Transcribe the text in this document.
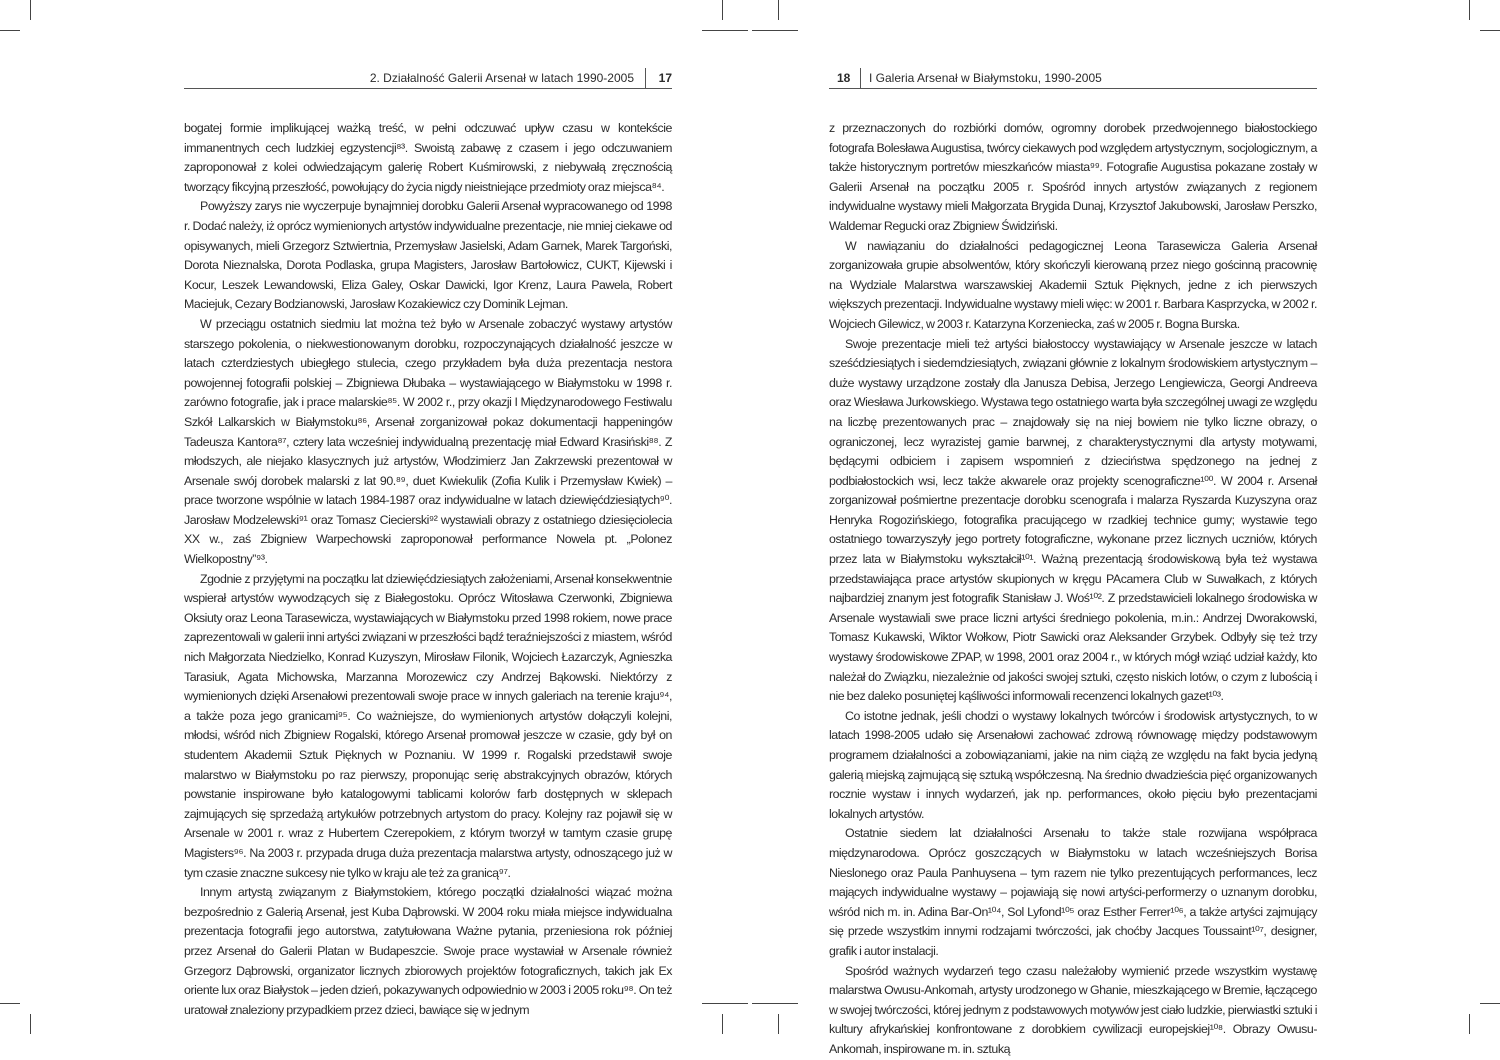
2. Działalność Galerii Arsenał w latach 1990-2005 17

bogatej formie implikującej ważką treść, w pełni odczuwać upływ czasu w kontekście immanentnych cech ludzkiej egzystencji⁸³. Swoistą zabawę z czasem i jego odczuwaniem zaproponował z kolei odwiedzającym galerię Robert Kuśmirowski, z niebywałą zręcznością tworzący fikcyjną przeszłość, powołujący do życia nigdy nieistniejące przedmioty oraz miejsca⁸⁴.

Powyższy zarys nie wyczerpuje bynajmniej dorobku Galerii Arsenał wypracowanego od 1998 r. Dodać należy, iż oprócz wymienionych artystów indywidualne prezentacje, nie mniej ciekawe od opisywanych, mieli Grzegorz Sztwiertnia, Przemysław Jasielski, Adam Garnek, Marek Targoński, Dorota Nieznalska, Dorota Podlaska, grupa Magisters, Jarosław Bartołowicz, CUKT, Kijewski i Kocur, Leszek Lewandowski, Eliza Galey, Oskar Dawicki, Igor Krenz, Laura Pawela, Robert Maciejuk, Cezary Bodzianowski, Jarosław Kozakiewicz czy Dominik Lejman.

W przeciągu ostatnich siedmiu lat można też było w Arsenale zobaczyć wystawy artystów starszego pokolenia, o niekwestionowanym dorobku, rozpoczynających działalność jeszcze w latach czterdziestych ubiegłego stulecia, czego przykładem była duża prezentacja nestora powojennej fotografii polskiej – Zbigniewa Dłubaka – wystawiającego w Białymstoku w 1998 r. zarówno fotografie, jak i prace malarskie⁸⁵. W 2002 r., przy okazji I Międzynarodowego Festiwalu Szkół Lalkarskich w Białymstoku⁸⁶, Arsenał zorganizował pokaz dokumentacji happeningów Tadeusza Kantora⁸⁷, cztery lata wcześniej indywidualną prezentację miał Edward Krasiński⁸⁸. Z młodszych, ale niejako klasycznych już artystów, Włodzimierz Jan Zakrzewski prezentował w Arsenale swój dorobek malarski z lat 90.⁸⁹, duet Kwiekulik (Zofia Kulik i Przemysław Kwiek) – prace tworzone wspólnie w latach 1984-1987 oraz indywidualne w latach dziewięćdziesiątych⁹⁰. Jarosław Modzelewski⁹¹ oraz Tomasz Ciecierski⁹² wystawiali obrazy z ostatniego dziesięciolecia XX w., zaś Zbigniew Warpechowski zaproponował performance Nowela pt. „Polonez Wielkopostny”⁹³.

Zgodnie z przyjętymi na początku lat dziewięćdziesiątych założeniami, Arsenał konsekwentnie wspierał artystów wywodzących się z Białegostoku. Oprócz Witosława Czerwonki, Zbigniewa Oksiuty oraz Leona Tarasewicza, wystawiających w Białymstoku przed 1998 rokiem, nowe prace zaprezentowali w galerii inni artyści związani w przeszłości bądź teraźniejszości z miastem, wśród nich Małgorzata Niedzielko, Konrad Kuzyszyn, Mirosław Filonik, Wojciech Łazarczyk, Agnieszka Tarasiuk, Agata Michowska, Marzanna Morozewicz czy Andrzej Bąkowski. Niektórzy z wymienionych dzięki Arsenałowi prezentowali swoje prace w innych galeriach na terenie kraju⁹⁴, a także poza jego granicami⁹⁵. Co ważniejsze, do wymienionych artystów dołączyli kolejni, młodsi, wśród nich Zbigniew Rogalski, którego Arsenał promował jeszcze w czasie, gdy był on studentem Akademii Sztuk Pięknych w Poznaniu. W 1999 r. Rogalski przedstawił swoje malarstwo w Białymstoku po raz pierwszy, proponując serię abstrakcyjnych obrazów, których powstanie inspirowane było katalogowymi tablicami kolorów farb dostępnych w sklepach zajmujących się sprzedażą artykułów potrzebnych artystom do pracy. Kolejny raz pojawił się w Arsenale w 2001 r. wraz z Hubertem Czerepokiem, z którym tworzył w tamtym czasie grupę Magisters⁹⁶. Na 2003 r. przypada druga duża prezentacja malarstwa artysty, odnoszącego już w tym czasie znaczne sukcesy nie tylko w kraju ale też za granicą⁹⁷.

Innym artystą związanym z Białymstokiem, którego początki działalności wiązać można bezpośrednio z Galerią Arsenał, jest Kuba Dąbrowski. W 2004 roku miała miejsce indywidualna prezentacja fotografii jego autorstwa, zatytułowana Ważne pytania, przeniesiona rok później przez Arsenał do Galerii Platan w Budapeszcie. Swoje prace wystawiał w Arsenale również Grzegorz Dąbrowski, organizator licznych zbiorowych projektów fotograficznych, takich jak Ex oriente lux oraz Białystok – jeden dzień, pokazywanych odpowiednio w 2003 i 2005 roku⁹⁸. On też uratował znaleziony przypadkiem przez dzieci, bawiące się w jednym

18 I Galeria Arsenał w Białymstoku, 1990-2005

z przeznaczonych do rozbiórki domów, ogromny dorobek przedwojennego białostockiego fotografa Bolesława Augustisa, twórcy ciekawych pod względem artystycznym, socjologicznym, a także historycznym portretów mieszkańców miasta⁹⁹. Fotografie Augustisa pokazane zostały w Galerii Arsenał na początku 2005 r. Spośród innych artystów związanych z regionem indywidualne wystawy mieli Małgorzata Brygida Dunaj, Krzysztof Jakubowski, Jarosław Perszko, Waldemar Regucki oraz Zbigniew Świdziński.

W nawiązaniu do działalności pedagogicznej Leona Tarasewicza Galeria Arsenał zorganizowała grupie absolwentów, który skończyli kierowaną przez niego gościnną pracownię na Wydziale Malarstwa warszawskiej Akademii Sztuk Pięknych, jedne z ich pierwszych większych prezentacji. Indywidualne wystawy mieli więc: w 2001 r. Barbara Kasprzycka, w 2002 r. Wojciech Gilewicz, w 2003 r. Katarzyna Korzeniecka, zaś w 2005 r. Bogna Burska.

Swoje prezentacje mieli też artyści białostoccy wystawiający w Arsenale jeszcze w latach sześćdziesiątych i siedemdziesiątych, związani głównie z lokalnym środowiskiem artystycznym – duże wystawy urządzone zostały dla Janusza Debisa, Jerzego Lengiewicza, Georgi Andreeva oraz Wiesława Jurkowskiego. Wystawa tego ostatniego warta była szczególnej uwagi ze względu na liczbę prezentowanych prac – znajdowały się na niej bowiem nie tylko liczne obrazy, o ograniczonej, lecz wyrazistej gamie barwnej, z charakterystycznymi dla artysty motywami, będącymi odbiciem i zapisem wspomnień z dzieciństwa spędzonego na jednej z podbiałostockich wsi, lecz także akwarele oraz projekty scenograficzne¹⁰⁰. W 2004 r. Arsenał zorganizował pośmiertne prezentacje dorobku scenografa i malarza Ryszarda Kuzyszyna oraz Henryka Rogozińskiego, fotografika pracującego w rzadkiej technice gumy; wystawie tego ostatniego towarzyszyły jego portrety fotograficzne, wykonane przez licznych uczniów, których przez lata w Białymstoku wykształcił¹⁰¹. Ważną prezentacją środowiskową była też wystawa przedstawiająca prace artystów skupionych w kręgu PAcamera Club w Suwałkach, z których najbardziej znanym jest fotografik Stanisław J. Woś¹⁰². Z przedstawicieli lokalnego środowiska w Arsenale wystawiali swe prace liczni artyści średniego pokolenia, m.in.: Andrzej Dworakowski, Tomasz Kukawski, Wiktor Wołkow, Piotr Sawicki oraz Aleksander Grzybek. Odbyły się też trzy wystawy środowiskowe ZPAP, w 1998, 2001 oraz 2004 r., w których mógł wziąć udział każdy, kto należał do Związku, niezależnie od jakości swojej sztuki, często niskich lotów, o czym z lubością i nie bez daleko posuniętej kąśliwości informowali recenzenci lokalnych gazet¹⁰³.

Co istotne jednak, jeśli chodzi o wystawy lokalnych twórców i środowisk artystycznych, to w latach 1998-2005 udało się Arsenałowi zachować zdrową równowagę między podstawowym programem działalności a zobowiązaniami, jakie na nim ciążą ze względu na fakt bycia jedyną galerią miejską zajmującą się sztuką współczesną. Na średnio dwadzieścia pięć organizowanych rocznie wystaw i innych wydarzeń, jak np. performances, około pięciu było prezentacjami lokalnych artystów.

Ostatnie siedem lat działalności Arsenału to także stale rozwijana współpraca międzynarodowa. Oprócz goszczących w Białymstoku w latach wcześniejszych Borisa Nieslonego oraz Paula Panhuysena – tym razem nie tylko prezentujących performances, lecz mających indywidualne wystawy – pojawiają się nowi artyści-performerzy o uznanym dorobku, wśród nich m. in. Adina Bar-On¹⁰⁴, Sol Lyfond¹⁰⁵ oraz Esther Ferrer¹⁰⁶, a także artyści zajmujący się przede wszystkim innymi rodzajami twórczości, jak choćby Jacques Toussaint¹⁰⁷, designer, grafik i autor instalacji.

Spośród ważnych wydarzeń tego czasu należałoby wymienić przede wszystkim wystawę malarstwa Owusu-Ankomah, artysty urodzonego w Ghanie, mieszkającego w Bremie, łączącego w swojej twórczości, której jednym z podstawowych motywów jest ciało ludzkie, pierwiastki sztuki i kultury afrykańskiej konfrontowane z dorobkiem cywilizacji europejskiej¹⁰⁸. Obrazy Owusu-Ankomah, inspirowane m. in. sztuką
